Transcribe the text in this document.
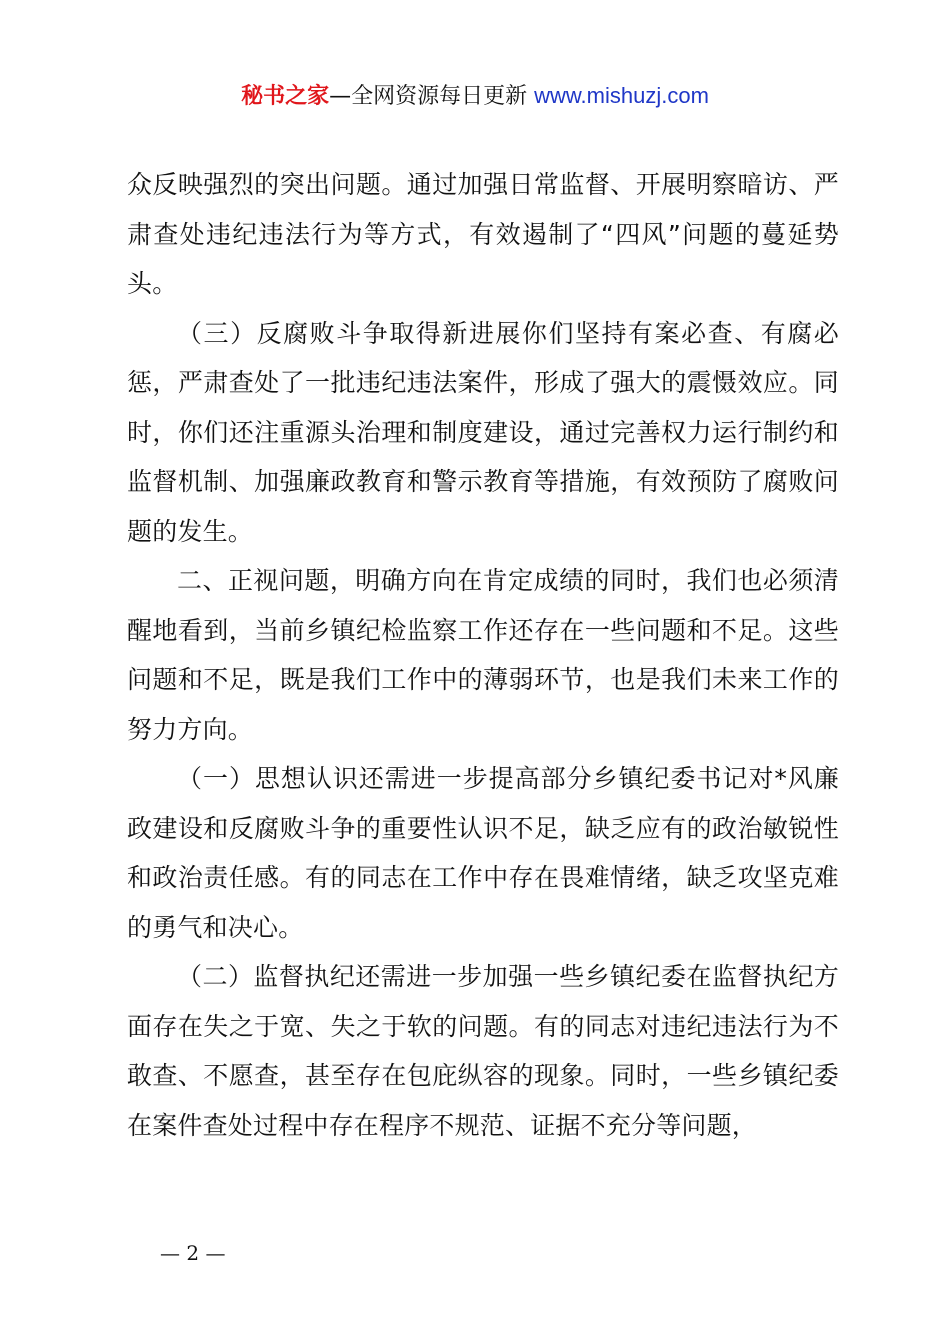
秘书之家—全网资源每日更新 www.mishuzj.com

众反映强烈的突出问题。通过加强日常监督、开展明察暗访、严肃查处违纪违法行为等方式，有效遏制了“四风”问题的蔓延势头。

（三）反腐败斗争取得新进展你们坚持有案必查、有腐必惩，严肃查处了一批违纪违法案件，形成了强大的震慑效应。同时，你们还注重源头治理和制度建设，通过完善权力运行制约和监督机制、加强廉政教育和警示教育等措施，有效预防了腐败问题的发生。

二、正视问题，明确方向在肯定成绩的同时，我们也必须清醒地看到，当前乡镇纪检监察工作还存在一些问题和不足。这些问题和不足，既是我们工作中的薄弱环节，也是我们未来工作的努力方向。

（一）思想认识还需进一步提高部分乡镇纪委书记对*风廉政建设和反腐败斗争的重要性认识不足，缺乏应有的政治敏锐性和政治责任感。有的同志在工作中存在畏难情绪，缺乏攻坚克难的勇气和决心。

（二）监督执纪还需进一步加强一些乡镇纪委在监督执纪方面存在失之于宽、失之于软的问题。有的同志对违纪违法行为不敢查、不愿查，甚至存在包庇纵容的现象。同时，一些乡镇纪委在案件查处过程中存在程序不规范、证据不充分等问题，

— 2 —
